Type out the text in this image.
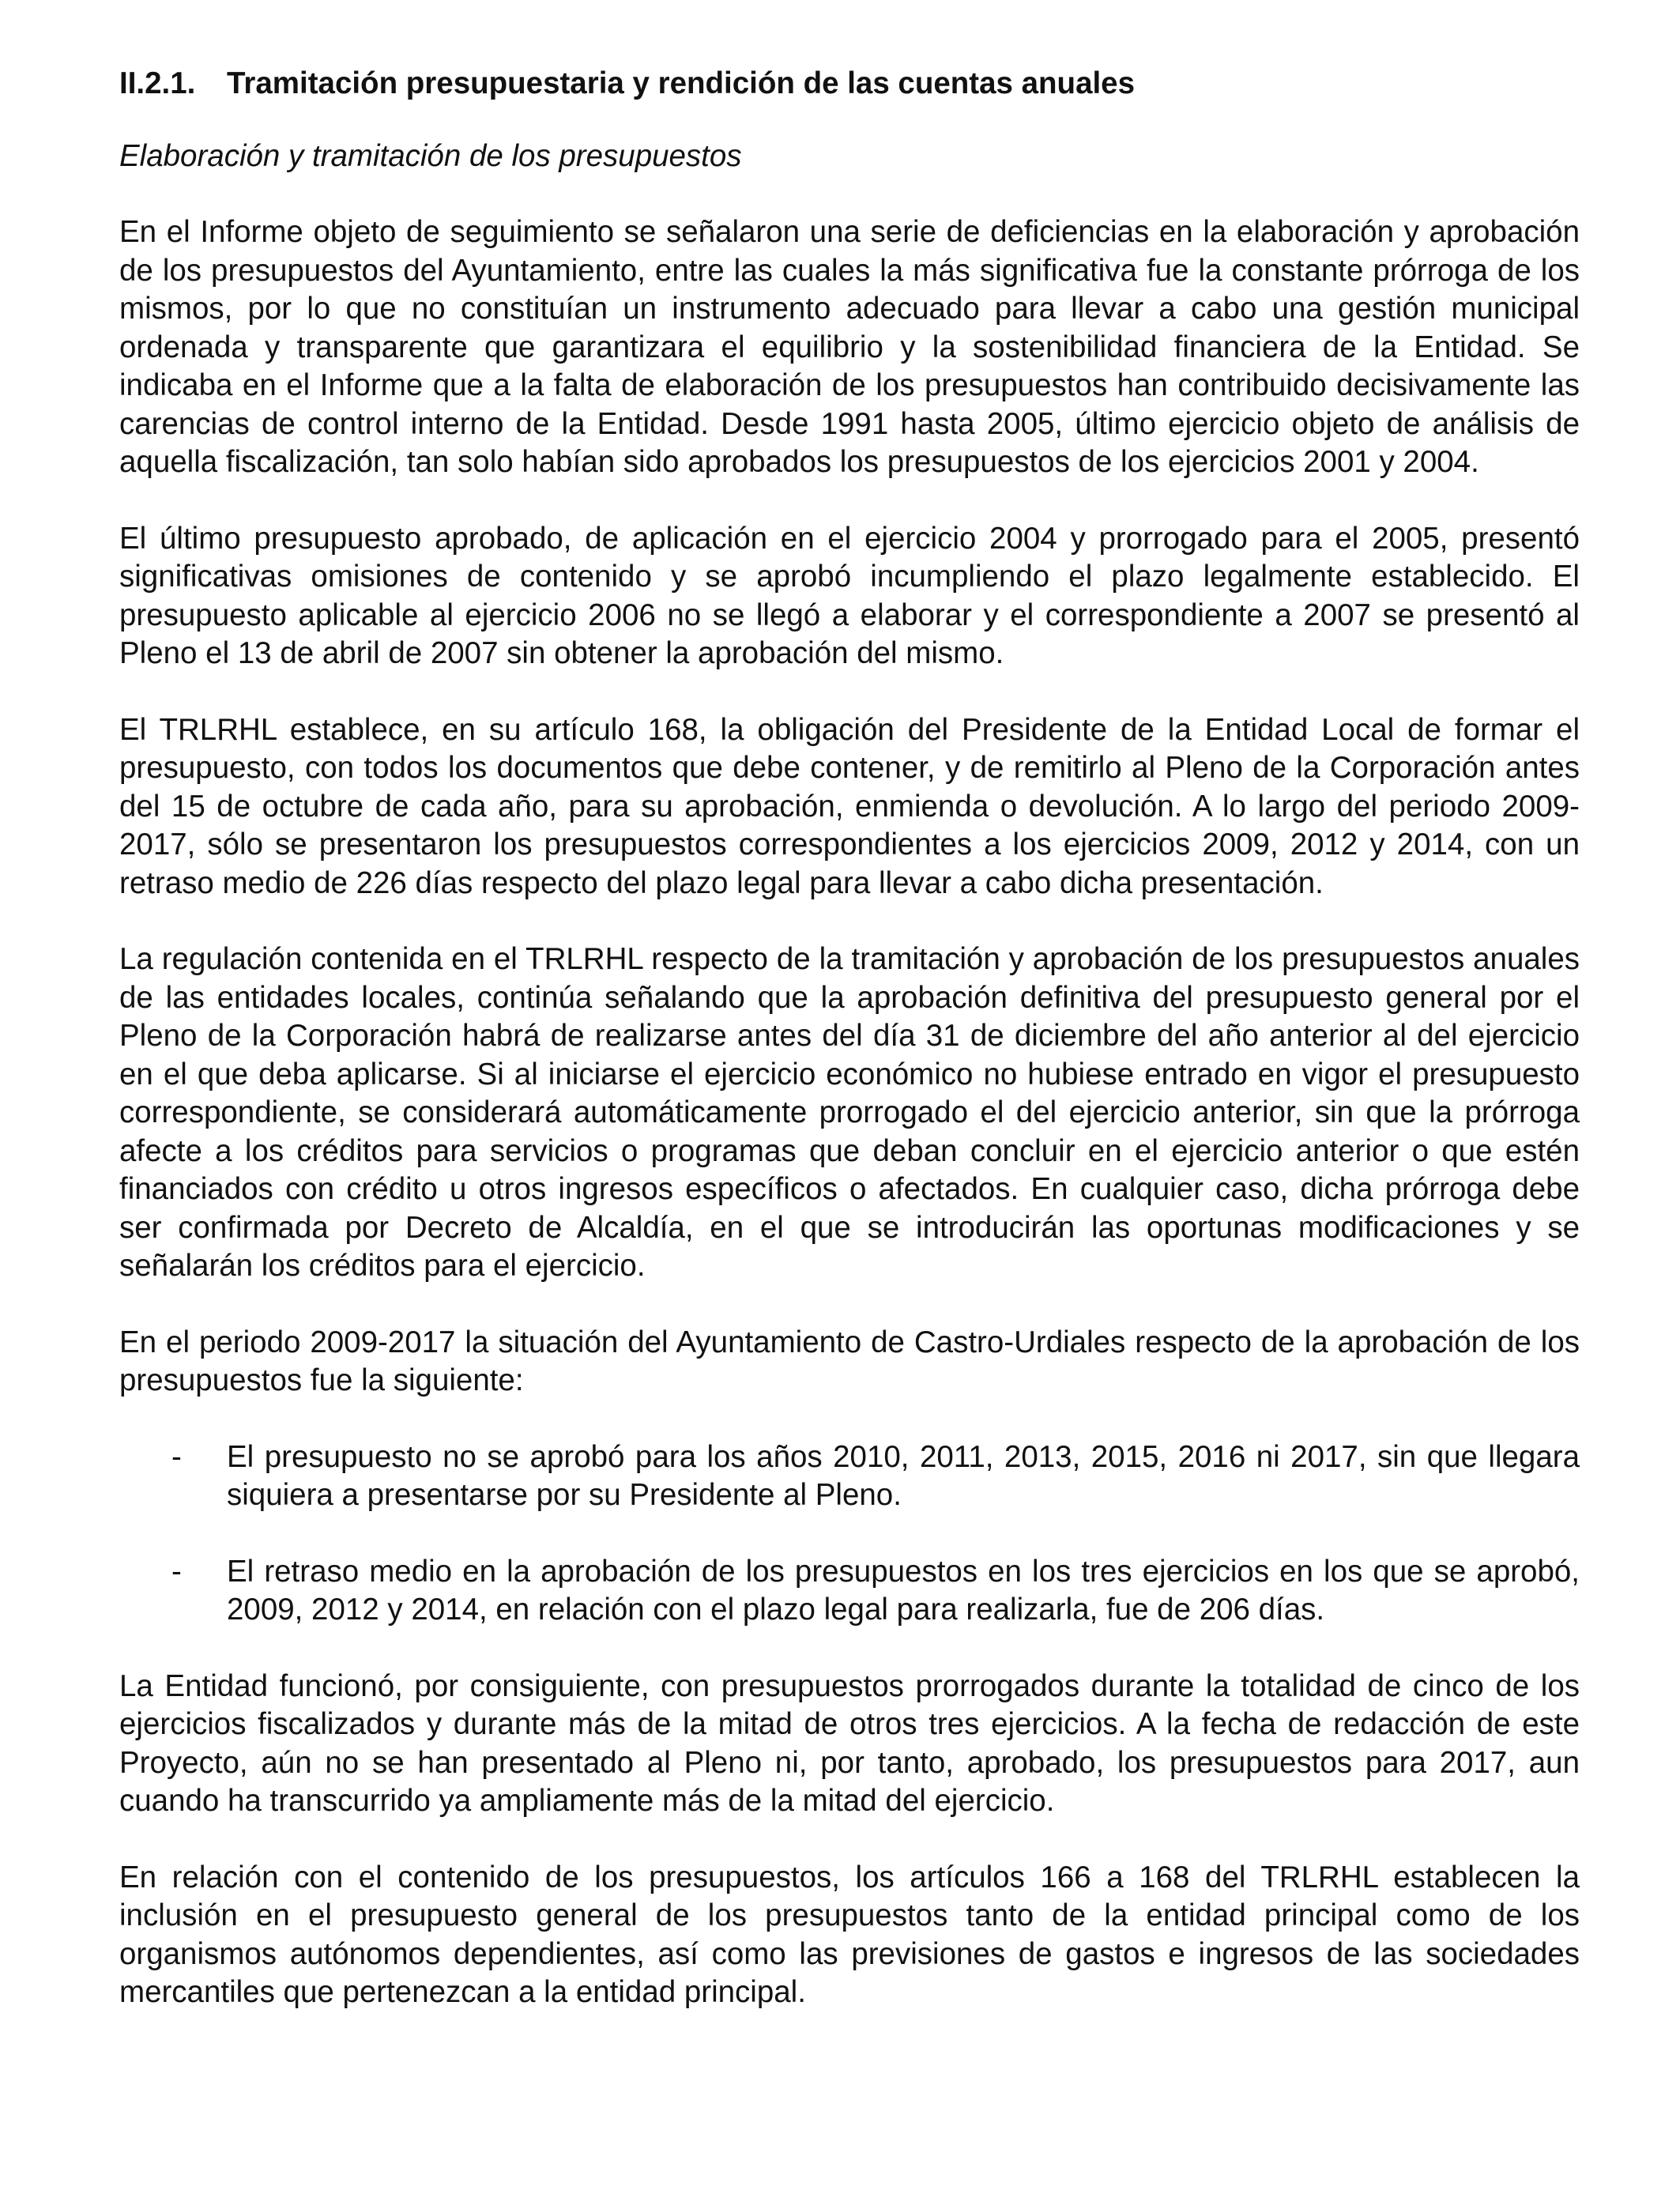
II.2.1.	Tramitación presupuestaria y rendición de las cuentas anuales
Elaboración y tramitación de los presupuestos

En el Informe objeto de seguimiento se señalaron una serie de deficiencias en la elaboración y aprobación de los presupuestos del Ayuntamiento, entre las cuales la más significativa fue la constante prórroga de los mismos, por lo que no constituían un instrumento adecuado para llevar a cabo una gestión municipal ordenada y transparente que garantizara el equilibrio y la sostenibilidad financiera de la Entidad. Se indicaba en el Informe que a la falta de elaboración de los presupuestos han contribuido decisivamente las carencias de control interno de la Entidad. Desde 1991 hasta 2005, último ejercicio objeto de análisis de aquella fiscalización, tan solo habían sido aprobados los presupuestos de los ejercicios 2001 y 2004.

El último presupuesto aprobado, de aplicación en el ejercicio 2004 y prorrogado para el 2005, presentó significativas omisiones de contenido y se aprobó incumpliendo el plazo legalmente establecido. El presupuesto aplicable al ejercicio 2006 no se llegó a elaborar y el correspondiente a 2007 se presentó al Pleno el 13 de abril de 2007 sin obtener la aprobación del mismo.

El TRLRHL establece, en su artículo 168, la obligación del Presidente de la Entidad Local de formar el presupuesto, con todos los documentos que debe contener, y de remitirlo al Pleno de la Corporación antes del 15 de octubre de cada año, para su aprobación, enmienda o devolución. A lo largo del periodo 2009-2017, sólo se presentaron los presupuestos correspondientes a los ejercicios 2009, 2012 y 2014, con un retraso medio de 226 días respecto del plazo legal para llevar a cabo dicha presentación.

La regulación contenida en el TRLRHL respecto de la tramitación y aprobación de los presupuestos anuales de las entidades locales, continúa señalando que la aprobación definitiva del presupuesto general por el Pleno de la Corporación habrá de realizarse antes del día 31 de diciembre del año anterior al del ejercicio en el que deba aplicarse. Si al iniciarse el ejercicio económico no hubiese entrado en vigor el presupuesto correspondiente, se considerará automáticamente prorrogado el del ejercicio anterior, sin que la prórroga afecte a los créditos para servicios o programas que deban concluir en el ejercicio anterior o que estén financiados con crédito u otros ingresos específicos o afectados. En cualquier caso, dicha prórroga debe ser confirmada por Decreto de Alcaldía, en el que se introducirán las oportunas modificaciones y se señalarán los créditos para el ejercicio.

En el periodo 2009-2017 la situación del Ayuntamiento de Castro-Urdiales respecto de la aprobación de los presupuestos fue la siguiente:

-	El presupuesto no se aprobó para los años 2010, 2011, 2013, 2015, 2016 ni 2017, sin que llegara siquiera a presentarse por su Presidente al Pleno.
-	El retraso medio en la aprobación de los presupuestos en los tres ejercicios en los que se aprobó, 2009, 2012 y 2014, en relación con el plazo legal para realizarla, fue de 206 días.

La Entidad funcionó, por consiguiente, con presupuestos prorrogados durante la totalidad de cinco de los ejercicios fiscalizados y durante más de la mitad de otros tres ejercicios. A la fecha de redacción de este Proyecto, aún no se han presentado al Pleno ni, por tanto, aprobado, los presupuestos para 2017, aun cuando ha transcurrido ya ampliamente más de la mitad del ejercicio.

En relación con el contenido de los presupuestos, los artículos 166 a 168 del TRLRHL establecen la inclusión en el presupuesto general de los presupuestos tanto de la entidad principal como de los organismos autónomos dependientes, así como las previsiones de gastos e ingresos de las sociedades mercantiles que pertenezcan a la entidad principal.
